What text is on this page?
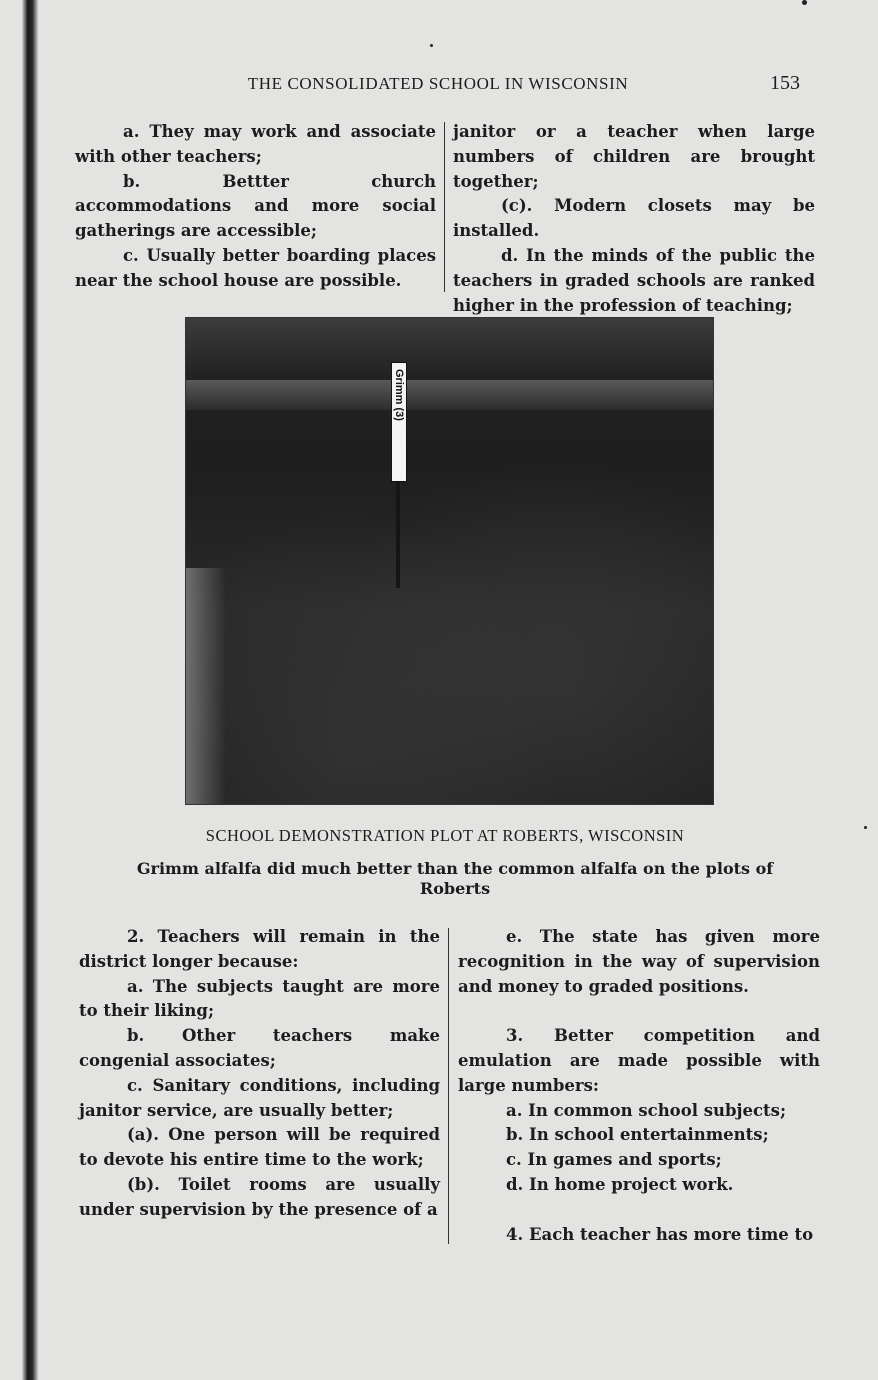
THE CONSOLIDATED SCHOOL IN WISCONSIN	153

a. They may work and associate with other teachers;

b. Bettter church accommodations and more social gatherings are accessible;

c. Usually better boarding places near the school house are possible.

janitor or a teacher when large numbers of children are brought together;

(c). Modern closets may be installed.

d. In the minds of the public the teachers in graded schools are ranked higher in the profession of teaching;

Grimm (3)
SCHOOL DEMONSTRATION PLOT AT ROBERTS, WISCONSIN
Grimm alfalfa did much better than the common alfalfa on the plots of
Roberts

2. Teachers will remain in the district longer because:

a. The subjects taught are more to their liking;

b. Other teachers make congenial associates;

c. Sanitary conditions, including janitor service, are usually better;

(a). One person will be required to devote his entire time to the work;

(b). Toilet rooms are usually under supervision by the presence of a

e. The state has given more recognition in the way of supervision and money to graded positions.

3. Better competition and emulation are made possible with large numbers:

a. In common school subjects;

b. In school entertainments;

c. In games and sports;

d. In home project work.

4. Each teacher has more time to
